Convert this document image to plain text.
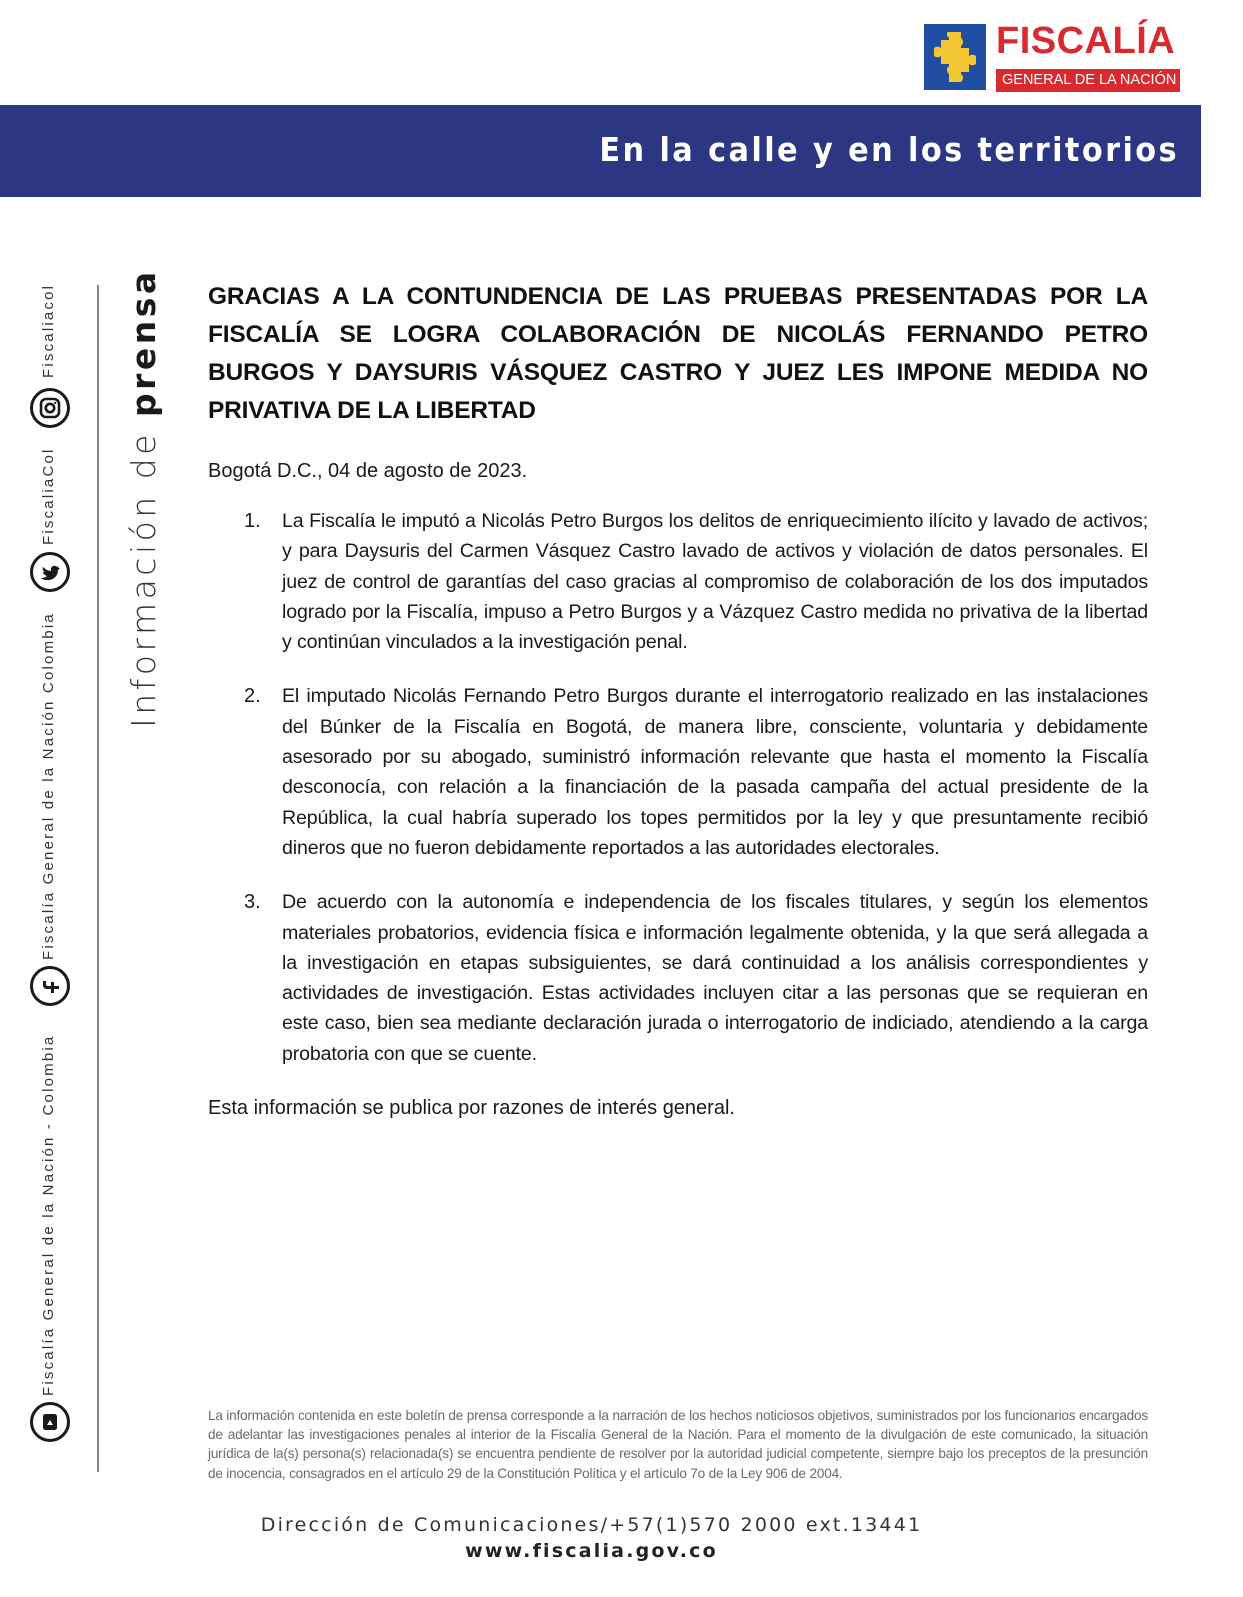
FISCALÍA
GENERAL DE LA NACIÓN
En la calle y en los territorios
Fiscaliacol
FiscaliaCol
Fiscalía General de la Nación Colombia
Fiscalía General de la Nación - Colombia
Información de prensa GRACIAS A LA CONTUNDENCIA DE LAS PRUEBAS PRESENTADAS POR LA FISCALÍA SE LOGRA COLABORACIÓN DE NICOLÁS FERNANDO PETRO BURGOS Y DAYSURIS VÁSQUEZ CASTRO Y JUEZ LES IMPONE MEDIDA NO PRIVATIVA DE LA LIBERTAD

Bogotá D.C., 04 de agosto de 2023.

1.	La Fiscalía le imputó a Nicolás Petro Burgos los delitos de enriquecimiento ilícito y lavado de activos; y para Daysuris del Carmen Vásquez Castro lavado de activos y violación de datos personales. El juez de control de garantías del caso gracias al compromiso de colaboración de los dos imputados logrado por la Fiscalía, impuso a Petro Burgos y a Vázquez Castro medida no privativa de la libertad y continúan vinculados a la investigación penal.

2.	El imputado Nicolás Fernando Petro Burgos durante el interrogatorio realizado en las instalaciones del Búnker de la Fiscalía en Bogotá, de manera libre, consciente, voluntaria y debidamente asesorado por su abogado, suministró información relevante que hasta el momento la Fiscalía desconocía, con relación a la financiación de la pasada campaña del actual presidente de la República, la cual habría superado los topes permitidos por la ley y que presuntamente recibió dineros que no fueron debidamente reportados a las autoridades electorales.

3.	De acuerdo con la autonomía e independencia de los fiscales titulares, y según los elementos materiales probatorios, evidencia física e información legalmente obtenida, y la que será allegada a la investigación en etapas subsiguientes, se dará continuidad a los análisis correspondientes y actividades de investigación. Estas actividades incluyen citar a las personas que se requieran en este caso, bien sea mediante declaración jurada o interrogatorio de indiciado, atendiendo a la carga probatoria con que se cuente.

Esta información se publica por razones de interés general.

La información contenida en este boletín de prensa corresponde a la narración de los hechos noticiosos objetivos, suministrados por los funcionarios encargados de adelantar las investigaciones penales al interior de la Fiscalía General de la Nación. Para el momento de la divulgación de este comunicado, la situación jurídica de la(s) persona(s) relacionada(s) se encuentra pendiente de resolver por la autoridad judicial competente, siempre bajo los preceptos de la presunción de inocencia, consagrados en el artículo 29 de la Constitución Política y el artículo 7o de la Ley 906 de 2004.

Dirección de Comunicaciones/+57(1)570 2000 ext.13441
www.fiscalia.gov.co
